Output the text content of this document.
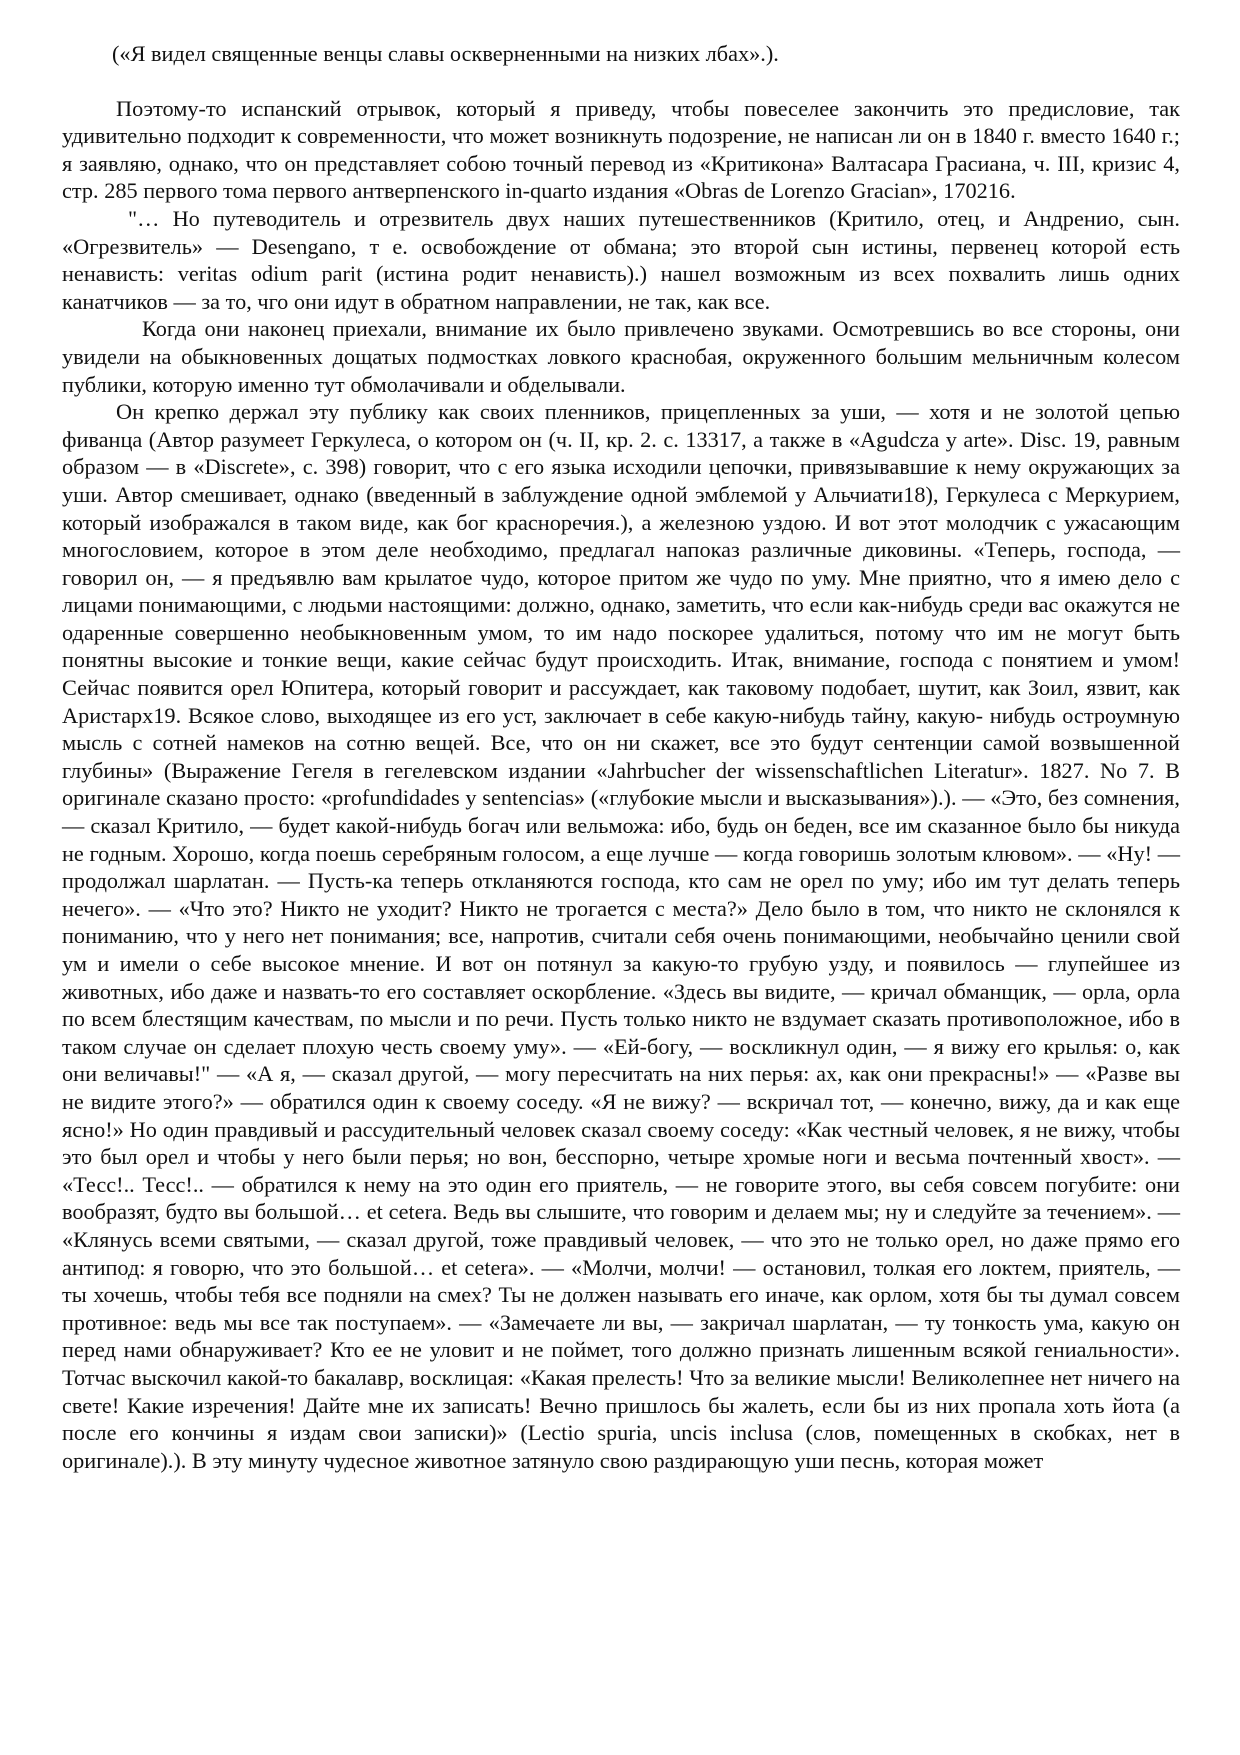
(«Я видел священные венцы славы оскверненными на низких лбах».).

Поэтому-то испанский отрывок, который я приведу, чтобы повеселее закончить это предисловие, так удивительно подходит к современности, что может возникнуть подозрение, не написан ли он в 1840 г. вместо 1640 г.; я заявляю, однако, что он представляет собою точный перевод из «Критикона» Валтасара Грасиана, ч. III, кризис 4, стр. 285 первого тома первого антверпенского in-quarto издания «Obras de Lorenzo Gracian», 170216.

"… Но путеводитель и отрезвитель двух наших путешественников (Критило, отец, и Андренио, сын. «Огрезвитель» — Desengano, т е. освобождение от обмана; это второй сын истины, первенец которой есть ненависть: veritas odium parit (истина родит ненависть).) нашел возможным из всех похвалить лишь одних канатчиков — за то, чго они идут в обратном направлении, не так, как все.

Когда они наконец приехали, внимание их было привлечено звуками. Осмотревшись во все стороны, они увидели на обыкновенных дощатых подмостках ловкого краснобая, окруженного большим мельничным колесом публики, которую именно тут обмолачивали и обделывали.

Он крепко держал эту публику как своих пленников, прицепленных за уши, — хотя и не золотой цепью фиванца (Автор разумеет Геркулеса, о котором он (ч. II, кр. 2. с. 13317, а также в «Agudcza y arte». Disc. 19, равным образом — в «Discrete», с. 398) говорит, что с его языка исходили цепочки, привязывавшие к нему окружающих за уши. Автор смешивает, однако (введенный в заблуждение одной эмблемой у Альчиати18), Геркулеса с Меркурием, который изображался в таком виде, как бог красноречия.), а железною уздою. И вот этот молодчик с ужасающим многословием, которое в этом деле необходимо, предлагал напоказ различные диковины. «Теперь, господа, — говорил он, — я предъявлю вам крылатое чудо, которое притом же чудо по уму. Мне приятно, что я имею дело с лицами понимающими, с людьми настоящими: должно, однако, заметить, что если как-нибудь среди вас окажутся не одаренные совершенно необыкновенным умом, то им надо поскорее удалиться, потому что им не могут быть понятны высокие и тонкие вещи, какие сейчас будут происходить. Итак, внимание, господа с понятием и умом! Сейчас появится орел Юпитера, который говорит и рассуждает, как таковому подобает, шутит, как Зоил, язвит, как Аристарх19. Всякое слово, выходящее из его уст, заключает в себе какую-нибудь тайну, какую- нибудь остроумную мысль с сотней намеков на сотню вещей. Все, что он ни скажет, все это будут сентенции самой возвышенной глубины» (Выражение Гегеля в гегелевском издании «Jahrbucher der wissenschaftlichen Literatur». 1827. No 7. В оригинале сказано просто: «profundidades y sentencias» («глубокие мысли и высказывания»).). — «Это, без сомнения, — сказал Критило, — будет какой-нибудь богач или вельможа: ибо, будь он беден, все им сказанное было бы никуда не годным. Хорошо, когда поешь серебряным голосом, а еще лучше — когда говоришь золотым клювом». — «Ну! — продолжал шарлатан. — Пусть-ка теперь откланяются господа, кто сам не орел по уму; ибо им тут делать теперь нечего». — «Что это? Никто не уходит? Никто не трогается с места?» Дело было в том, что никто не склонялся к пониманию, что у него нет понимания; все, напротив, считали себя очень понимающими, необычайно ценили свой ум и имели о себе высокое мнение. И вот он потянул за какую-то грубую узду, и появилось — глупейшее из животных, ибо даже и назвать-то его составляет оскорбление. «Здесь вы видите, — кричал обманщик, — орла, орла по всем блестящим качествам, по мысли и по речи. Пусть только никто не вздумает сказать противоположное, ибо в таком случае он сделает плохую честь своему уму». — «Ей-богу, — воскликнул один, — я вижу его крылья: о, как они величавы!" — «А я, — сказал другой, — могу пересчитать на них перья: ах, как они прекрасны!» — «Разве вы не видите этого?» — обратился один к своему соседу. «Я не вижу? — вскричал тот, — конечно, вижу, да и как еще ясно!» Но один правдивый и рассудительный человек сказал своему соседу: «Как честный человек, я не вижу, чтобы это был орел и чтобы у него были перья; но вон, бесспорно, четыре хромые ноги и весьма почтенный хвост». — «Тесс!.. Тесс!.. — обратился к нему на это один его приятель, — не говорите этого, вы себя совсем погубите: они вообразят, будто вы большой… et cetera. Ведь вы слышите, что говорим и делаем мы; ну и следуйте за течением». — «Клянусь всеми святыми, — сказал другой, тоже правдивый человек, — что это не только орел, но даже прямо его антипод: я говорю, что это большой… et cetera». — «Молчи, молчи! — остановил, толкая его локтем, приятель, — ты хочешь, чтобы тебя все подняли на смех? Ты не должен называть его иначе, как орлом, хотя бы ты думал совсем противное: ведь мы все так поступаем». — «Замечаете ли вы, — закричал шарлатан, — ту тонкость ума, какую он перед нами обнаруживает? Кто ее не уловит и не поймет, того должно признать лишенным всякой гениальности». Тотчас выскочил какой-то бакалавр, восклицая: «Какая прелесть! Что за великие мысли! Великолепнее нет ничего на свете! Какие изречения! Дайте мне их записать! Вечно пришлось бы жалеть, если бы из них пропала хоть йота (а после его кончины я издам свои записки)» (Lectio spuria, uncis inclusa (слов, помещенных в скобках, нет в оригинале).). В эту минуту чудесное животное затянуло свою раздирающую уши песнь, которая может
